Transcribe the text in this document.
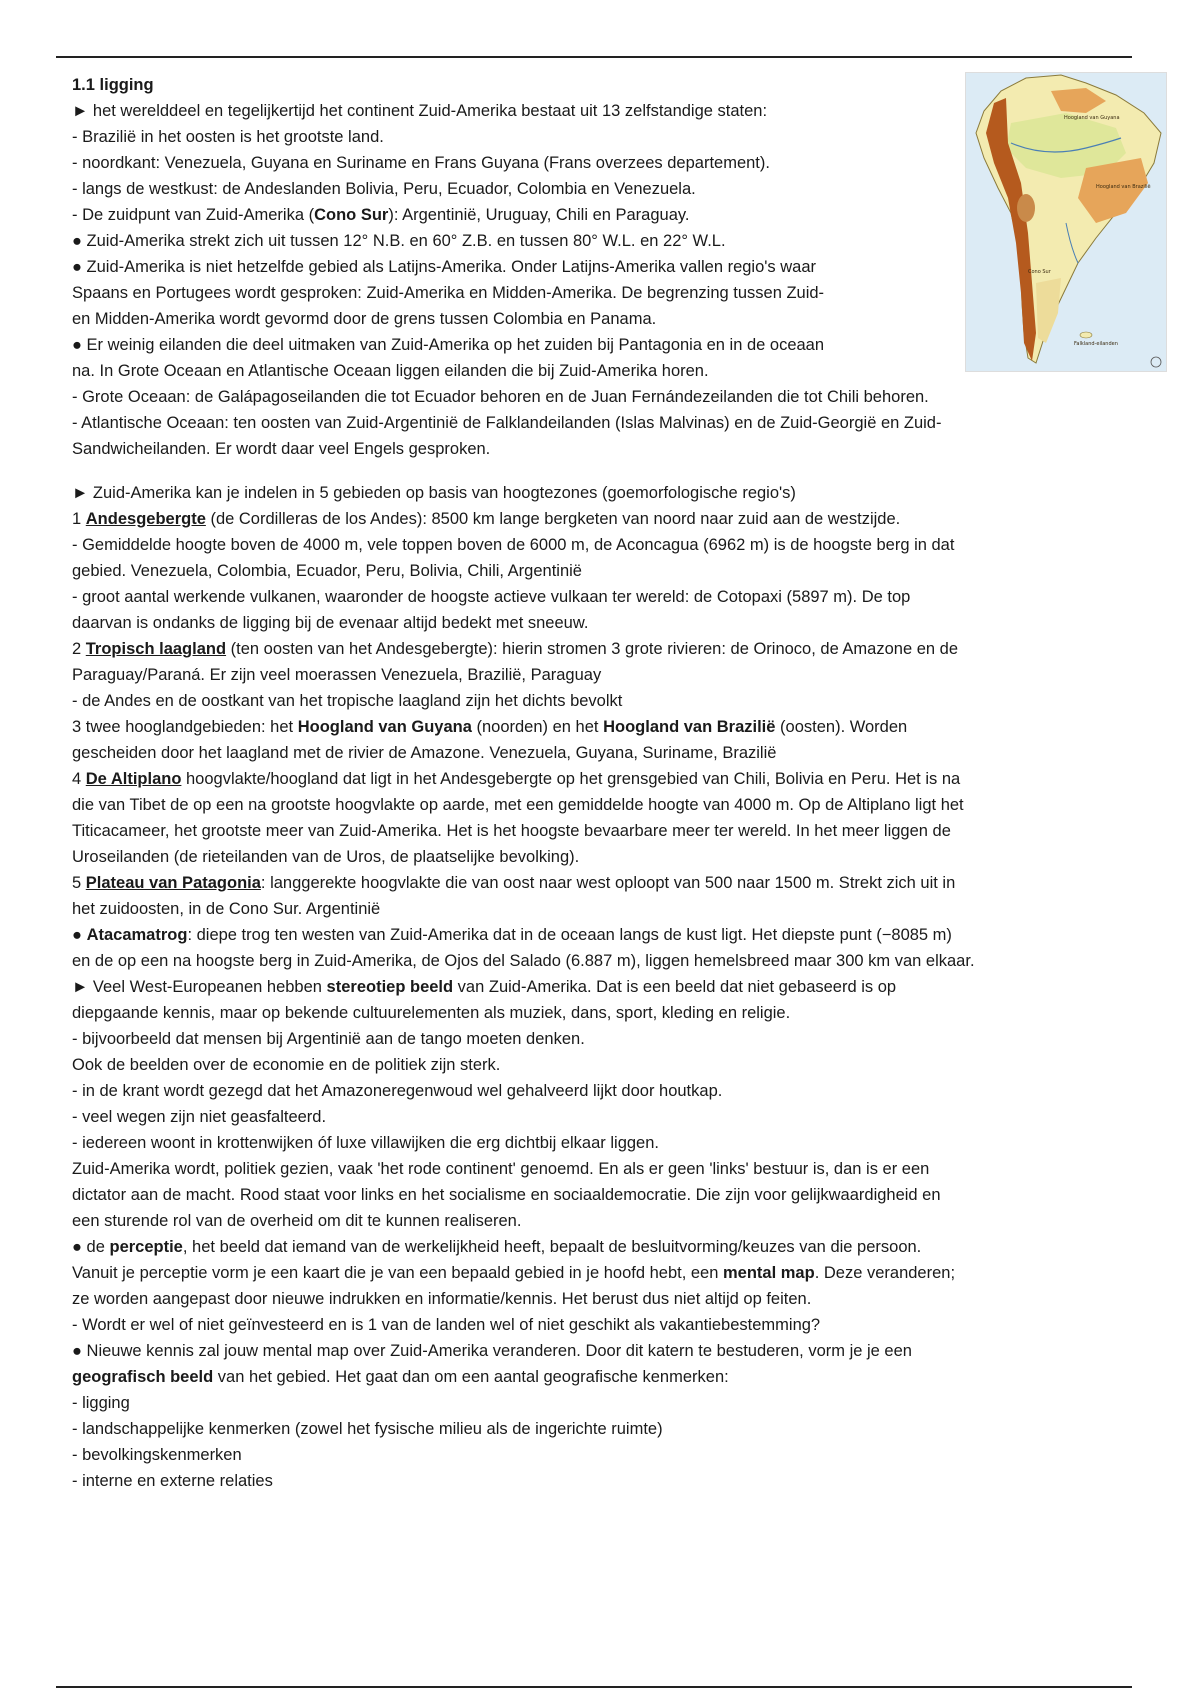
Hoogland van Guyana
Hoogland van Brazilië
Cono Sur
Falkland-eilanden
1.1 ligging
► het werelddeel en tegelijkertijd het continent Zuid-Amerika bestaat uit 13 zelfstandige staten:
- Brazilië in het oosten is het grootste land.
- noordkant: Venezuela, Guyana en Suriname en Frans Guyana (Frans overzees departement).
- langs de westkust: de Andeslanden Bolivia, Peru, Ecuador, Colombia en Venezuela.
- De zuidpunt van Zuid-Amerika (Cono Sur): Argentinië, Uruguay, Chili en Paraguay.
● Zuid-Amerika strekt zich uit tussen 12° N.B. en 60° Z.B. en tussen 80° W.L. en 22° W.L.
● Zuid-Amerika is niet hetzelfde gebied als Latijns-Amerika. Onder Latijns-Amerika vallen regio's waar
Spaans en Portugees wordt gesproken: Zuid-Amerika en Midden-Amerika. De begrenzing tussen Zuid-
en Midden-Amerika wordt gevormd door de grens tussen Colombia en Panama.
● Er weinig eilanden die deel uitmaken van Zuid-Amerika op het zuiden bij Pantagonia en in de oceaan
na. In Grote Oceaan en Atlantische Oceaan liggen eilanden die bij Zuid-Amerika horen.
- Grote Oceaan: de Galápagoseilanden die tot Ecuador behoren en de Juan Fernándezeilanden die tot Chili behoren.
- Atlantische Oceaan: ten oosten van Zuid-Argentinië de Falklandeilanden (Islas Malvinas) en de Zuid-Georgië en Zuid-
Sandwicheilanden. Er wordt daar veel Engels gesproken.
► Zuid-Amerika kan je indelen in 5 gebieden op basis van hoogtezones (goemorfologische regio's)
1 Andesgebergte (de Cordilleras de los Andes): 8500 km lange bergketen van noord naar zuid aan de westzijde.
- Gemiddelde hoogte boven de 4000 m, vele toppen boven de 6000 m, de Aconcagua (6962 m) is de hoogste berg in dat
gebied. Venezuela, Colombia, Ecuador, Peru, Bolivia, Chili, Argentinië
- groot aantal werkende vulkanen, waaronder de hoogste actieve vulkaan ter wereld: de Cotopaxi (5897 m). De top
daarvan is ondanks de ligging bij de evenaar altijd bedekt met sneeuw.
2 Tropisch laagland (ten oosten van het Andesgebergte): hierin stromen 3 grote rivieren: de Orinoco, de Amazone en de
Paraguay/Paraná. Er zijn veel moerassen Venezuela, Brazilië, Paraguay
- de Andes en de oostkant van het tropische laagland zijn het dichts bevolkt
3 twee hooglandgebieden: het Hoogland van Guyana (noorden) en het Hoogland van Brazilië (oosten). Worden
gescheiden door het laagland met de rivier de Amazone. Venezuela, Guyana, Suriname, Brazilië
4 De Altiplano hoogvlakte/hoogland dat ligt in het Andesgebergte op het grensgebied van Chili, Bolivia en Peru. Het is na
die van Tibet de op een na grootste hoogvlakte op aarde, met een gemiddelde hoogte van 4000 m. Op de Altiplano ligt het
Titicacameer, het grootste meer van Zuid-Amerika. Het is het hoogste bevaarbare meer ter wereld. In het meer liggen de
Uroseilanden (de rieteilanden van de Uros, de plaatselijke bevolking).
5 Plateau van Patagonia: langgerekte hoogvlakte die van oost naar west oploopt van 500 naar 1500 m. Strekt zich uit in
het zuidoosten, in de Cono Sur. Argentinië
● Atacamatrog: diepe trog ten westen van Zuid-Amerika dat in de oceaan langs de kust ligt. Het diepste punt (−8085 m)
en de op een na hoogste berg in Zuid-Amerika, de Ojos del Salado (6.887 m), liggen hemelsbreed maar 300 km van elkaar.
► Veel West-Europeanen hebben stereotiep beeld van Zuid-Amerika. Dat is een beeld dat niet gebaseerd is op
diepgaande kennis, maar op bekende cultuurelementen als muziek, dans, sport, kleding en religie.
- bijvoorbeeld dat mensen bij Argentinië aan de tango moeten denken.
Ook de beelden over de economie en de politiek zijn sterk.
- in de krant wordt gezegd dat het Amazoneregenwoud wel gehalveerd lijkt door houtkap.
- veel wegen zijn niet geasfalteerd.
- iedereen woont in krottenwijken óf luxe villawijken die erg dichtbij elkaar liggen.
Zuid-Amerika wordt, politiek gezien, vaak 'het rode continent' genoemd. En als er geen 'links' bestuur is, dan is er een
dictator aan de macht. Rood staat voor links en het socialisme en sociaaldemocratie. Die zijn voor gelijkwaardigheid en
een sturende rol van de overheid om dit te kunnen realiseren.
● de perceptie, het beeld dat iemand van de werkelijkheid heeft, bepaalt de besluitvorming/keuzes van die persoon.
Vanuit je perceptie vorm je een kaart die je van een bepaald gebied in je hoofd hebt, een mental map. Deze veranderen;
ze worden aangepast door nieuwe indrukken en informatie/kennis. Het berust dus niet altijd op feiten.
- Wordt er wel of niet geïnvesteerd en is 1 van de landen wel of niet geschikt als vakantiebestemming?
● Nieuwe kennis zal jouw mental map over Zuid-Amerika veranderen. Door dit katern te bestuderen, vorm je je een
geografisch beeld van het gebied. Het gaat dan om een aantal geografische kenmerken:
- ligging
- landschappelijke kenmerken (zowel het fysische milieu als de ingerichte ruimte)
- bevolkingskenmerken
- interne en externe relaties
